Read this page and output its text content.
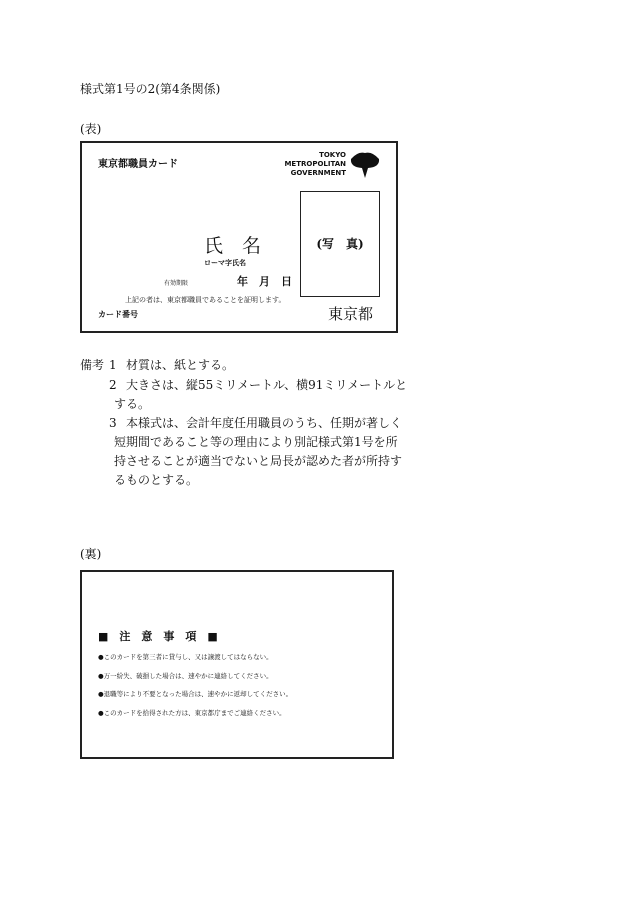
様式第1号の2(第4条関係)
(表)
東京都職員カード
TOKYO
METROPOLITAN
GOVERNMENT
(写　真)
氏　名
ローマ字氏名
有効期限	年　月　日
上記の者は、東京都職員であることを証明します。
カード番号	東京都
備考 1 材質は、紙とする。
2 大きさは、縦55ミリメートル、横91ミリメートルと
する。
3 本様式は、会計年度任用職員のうち、任期が著しく
短期間であること等の理由により別記様式第1号を所
持させることが適当でないと局長が認めた者が所持す
るものとする。
(裏)
■　注　意　事　項　■
●このカードを第三者に貸与し、又は譲渡してはならない。
●万一紛失、破損した場合は、速やかに連絡してください。
●退職等により不要となった場合は、速やかに返却してください。
●このカードを拾得された方は、東京都庁までご連絡ください。
